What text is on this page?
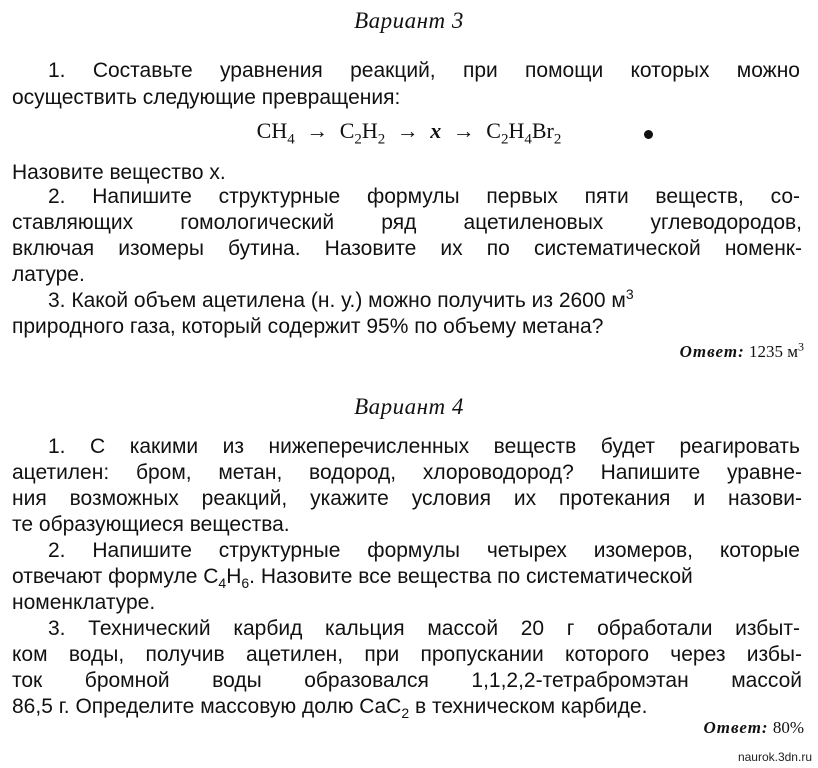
Вариант 3
1. Составьте уравнения реакций, при помощи которых можно
осуществить следующие превращения:
$CH_4 \to C_2H_2 \to x \to C_2H_4Br_2$
Назовите вещество x.
2. Напишите структурные формулы первых пяти веществ, со-
ставляющих гомологический ряд ацетиленовых углеводородов,
включая изомеры бутина. Назовите их по систематической номенк-
латуре.
3. Какой объем ацетилена (н. у.) можно получить из 2600 $м^3$
природного газа, который содержит 95% по объему метана?
Ответ: 1235 $м^3$
Вариант 4
1. С какими из нижеперечисленных веществ будет реагировать
ацетилен: бром, метан, водород, хлороводород? Напишите уравне-
ния возможных реакций, укажите условия их протекания и назови-
те образующиеся вещества.
2. Напишите структурные формулы четырех изомеров, которые
отвечают формуле $C_4H_6$. Назовите все вещества по систематической
номенклатуре.
3. Технический карбид кальция массой 20 г обработали избыт-
ком воды, получив ацетилен, при пропускании которого через избы-
ток бромной воды образовался 1,1,2,2-тетрабромэтан массой
86,5 г. Определите массовую долю CaC$_2$ в техническом карбиде.
Ответ: 80%
naurok.3dn.ru
